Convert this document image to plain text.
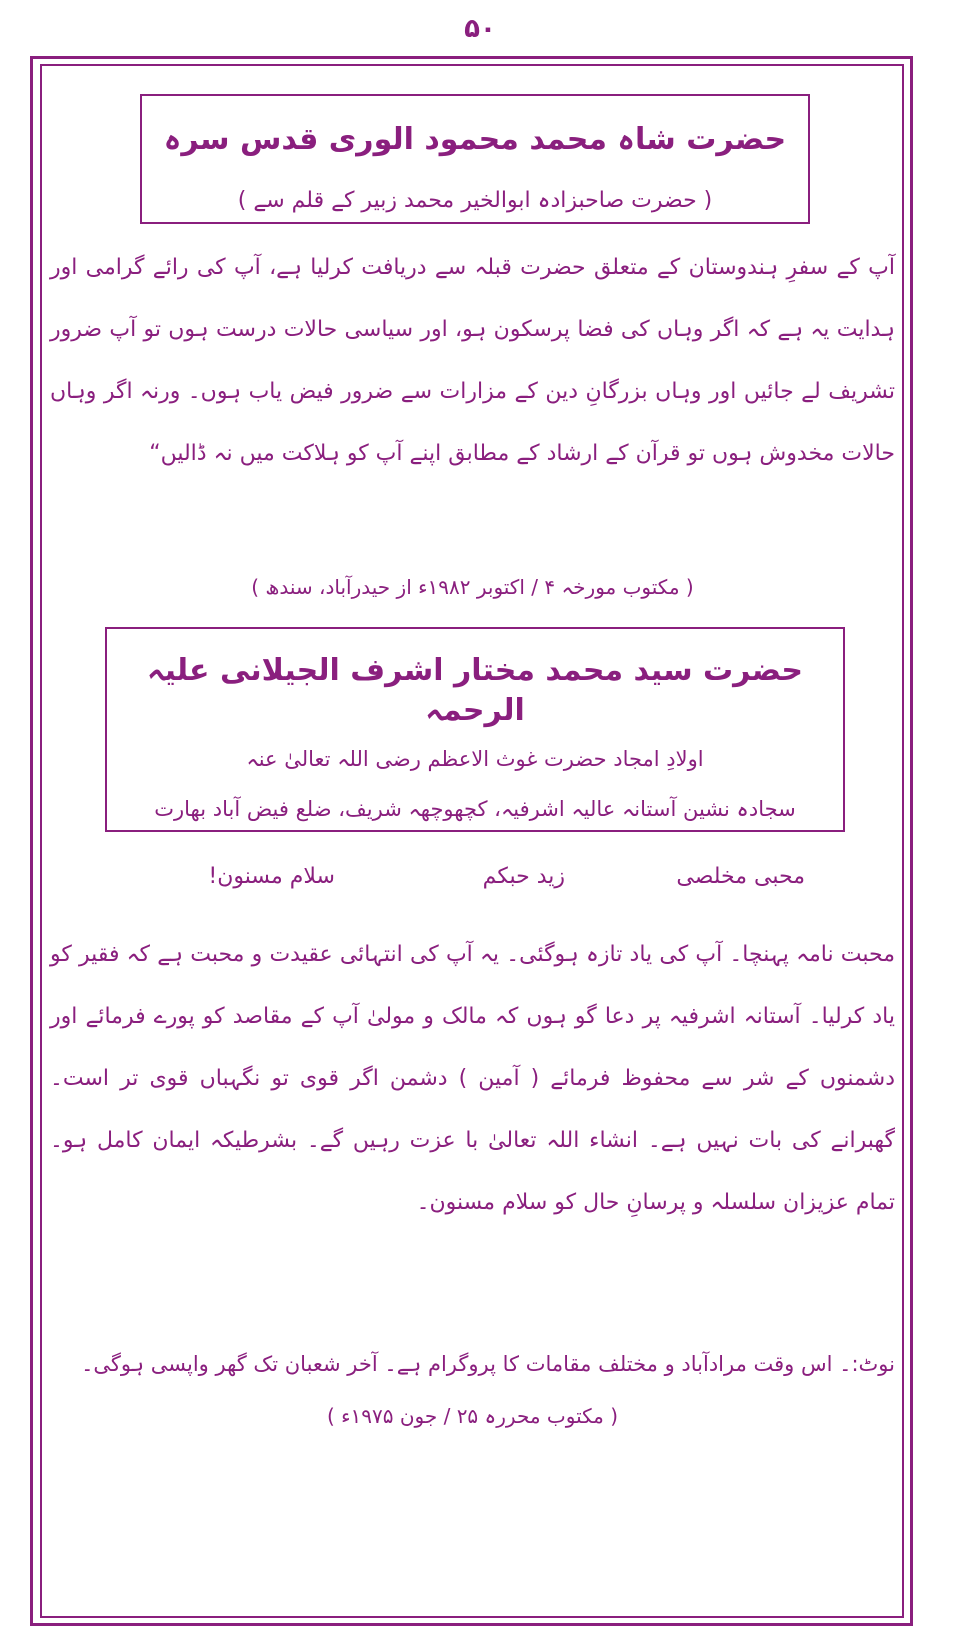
۵۰
حضرت شاہ محمد محمود الوری قدس سرہ
( حضرت صاحبزادہ ابوالخیر محمد زبیر کے قلم سے )
آپ کے سفرِ ہندوستان کے متعلق حضرت قبلہ سے دریافت کرلیا ہے، آپ کی رائے گرامی اور ہدایت یہ ہے کہ اگر وہاں کی فضا پرسکون ہو، اور سیاسی حالات درست ہوں تو آپ ضرور تشریف لے جائیں اور وہاں بزرگانِ دین کے مزارات سے ضرور فیض یاب ہوں۔ ورنہ اگر وہاں حالات مخدوش ہوں تو قرآن کے ارشاد کے مطابق اپنے آپ کو ہلاکت میں نہ ڈالیں“
( مکتوب مورخہ ۴ / اکتوبر ۱۹۸۲ء از حیدرآباد، سندھ )
حضرت سید محمد مختار اشرف الجیلانی علیہ الرحمہ
اولادِ امجاد حضرت غوث الاعظم رضی اللہ تعالیٰ عنہ
سجادہ نشین آستانہ عالیہ اشرفیہ، کچھوچھہ شریف، ضلع فیض آباد بھارت
محبی مخلصی
زید حبکم
سلام مسنون!
محبت نامہ پہنچا۔ آپ کی یاد تازہ ہوگئی۔ یہ آپ کی انتہائی عقیدت و محبت ہے کہ فقیر کو یاد کرلیا۔ آستانہ اشرفیہ پر دعا گو ہوں کہ مالک و مولیٰ آپ کے مقاصد کو پورے فرمائے اور دشمنوں کے شر سے محفوظ فرمائے ( آمین ) دشمن اگر قوی تو نگہباں قوی تر است۔ گھبرانے کی بات نہیں ہے۔ انشاء اللہ تعالیٰ با عزت رہیں گے۔ بشرطیکہ ایمان کامل ہو۔ تمام عزیزان سلسلہ و پرسانِ حال کو سلام مسنون۔
نوٹ:۔ اس وقت مرادآباد و مختلف مقامات کا پروگرام ہے۔ آخر شعبان تک گھر واپسی ہوگی۔
( مکتوب محررہ ۲۵ / جون ۱۹۷۵ء )
